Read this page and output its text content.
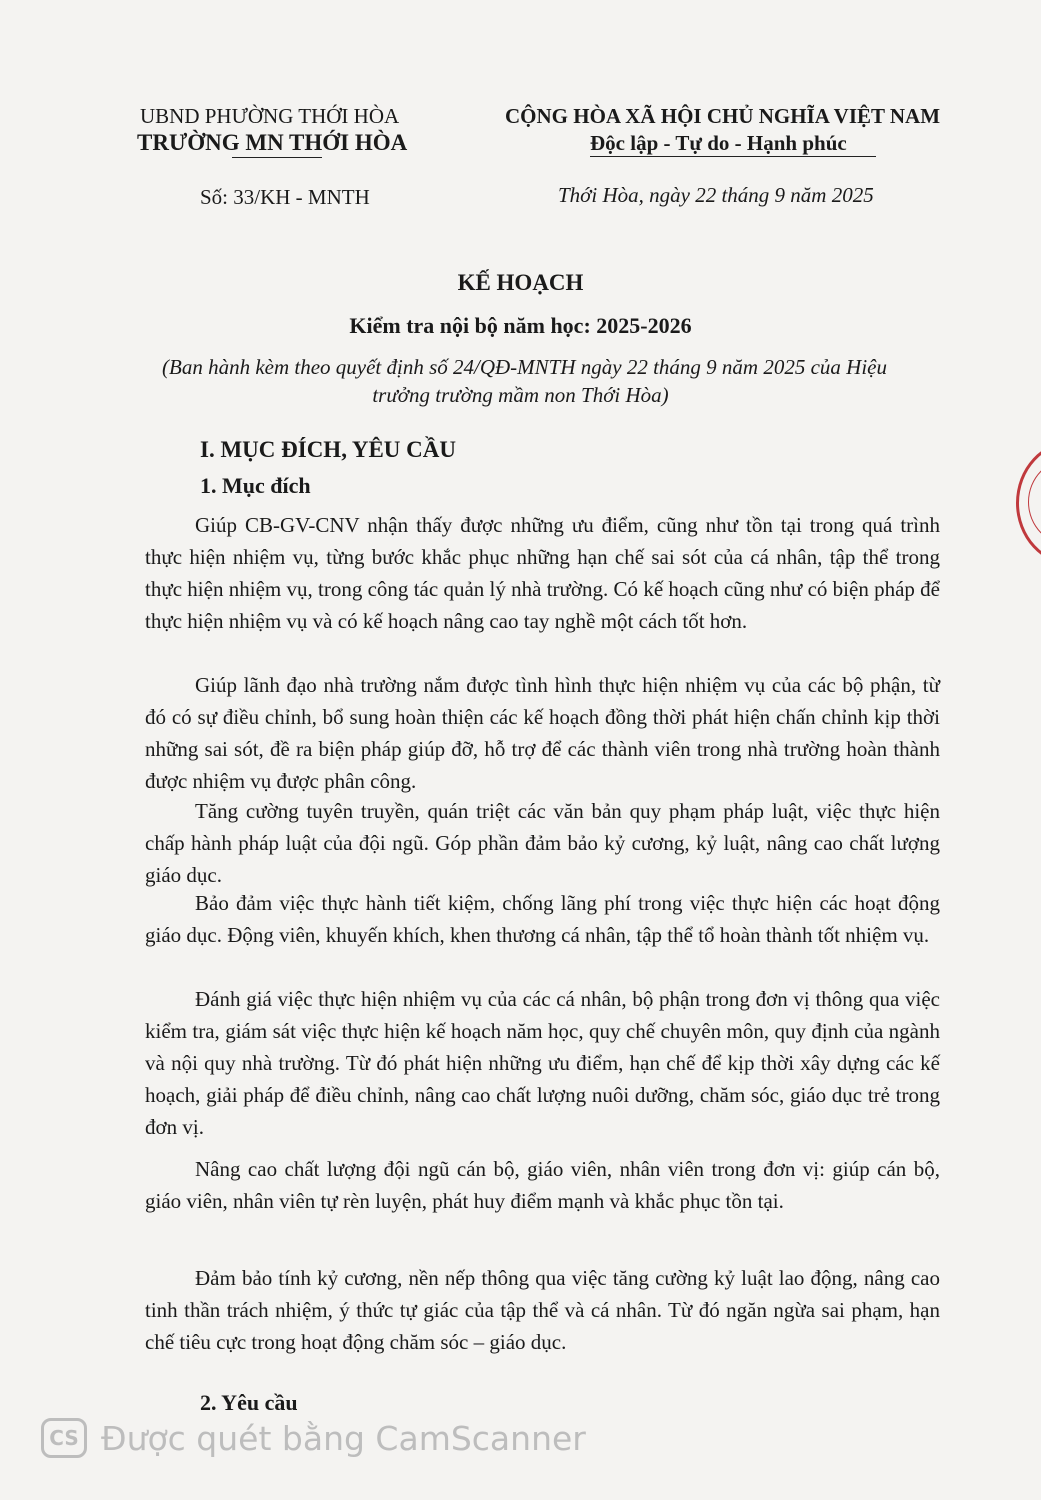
UBND PHƯỜNG THỚI HÒA
TRƯỜNG MN THỚI HÒA
Số: 33/KH - MNTH
CỘNG HÒA XÃ HỘI CHỦ NGHĨA VIỆT NAM
Độc lập - Tự do - Hạnh phúc
Thới Hòa, ngày 22 tháng 9 năm 2025
KẾ HOẠCH
Kiểm tra nội bộ năm học: 2025-2026
(Ban hành kèm theo quyết định số 24/QĐ-MNTH ngày 22 tháng 9 năm 2025 của Hiệu
trưởng trường mầm non Thới Hòa)
I. MỤC ĐÍCH, YÊU CẦU
1. Mục đích
Giúp CB-GV-CNV nhận thấy được những ưu điểm, cũng như tồn tại trong quá trình thực hiện nhiệm vụ, từng bước khắc phục những hạn chế sai sót của cá nhân, tập thể trong thực hiện nhiệm vụ, trong công tác quản lý nhà trường. Có kế hoạch cũng như có biện pháp để thực hiện nhiệm vụ và có kế hoạch nâng cao tay nghề một cách tốt hơn.
Giúp lãnh đạo nhà trường nắm được tình hình thực hiện nhiệm vụ của các bộ phận, từ đó có sự điều chỉnh, bổ sung hoàn thiện các kế hoạch đồng thời phát hiện chấn chỉnh kịp thời những sai sót, đề ra biện pháp giúp đỡ, hỗ trợ để các thành viên trong nhà trường hoàn thành được nhiệm vụ được phân công.
Tăng cường tuyên truyền, quán triệt các văn bản quy phạm pháp luật, việc thực hiện chấp hành pháp luật của đội ngũ. Góp phần đảm bảo kỷ cương, kỷ luật, nâng cao chất lượng giáo dục.
Bảo đảm việc thực hành tiết kiệm, chống lãng phí trong việc thực hiện các hoạt động giáo dục. Động viên, khuyến khích, khen thương cá nhân, tập thể tổ hoàn thành tốt nhiệm vụ.
Đánh giá việc thực hiện nhiệm vụ của các cá nhân, bộ phận trong đơn vị thông qua việc kiểm tra, giám sát việc thực hiện kế hoạch năm học, quy chế chuyên môn, quy định của ngành và nội quy nhà trường. Từ đó phát hiện những ưu điểm, hạn chế để kịp thời xây dựng các kế hoạch, giải pháp để điều chỉnh, nâng cao chất lượng nuôi dưỡng, chăm sóc, giáo dục trẻ trong đơn vị.
Nâng cao chất lượng đội ngũ cán bộ, giáo viên, nhân viên trong đơn vị: giúp cán bộ, giáo viên, nhân viên tự rèn luyện, phát huy điểm mạnh và khắc phục tồn tại.
Đảm bảo tính kỷ cương, nền nếp thông qua việc tăng cường kỷ luật lao động, nâng cao tinh thần trách nhiệm, ý thức tự giác của tập thể và cá nhân. Từ đó ngăn ngừa sai phạm, hạn chế tiêu cực trong hoạt động chăm sóc – giáo dục.
2. Yêu cầu
CS Được quét bằng CamScanner
